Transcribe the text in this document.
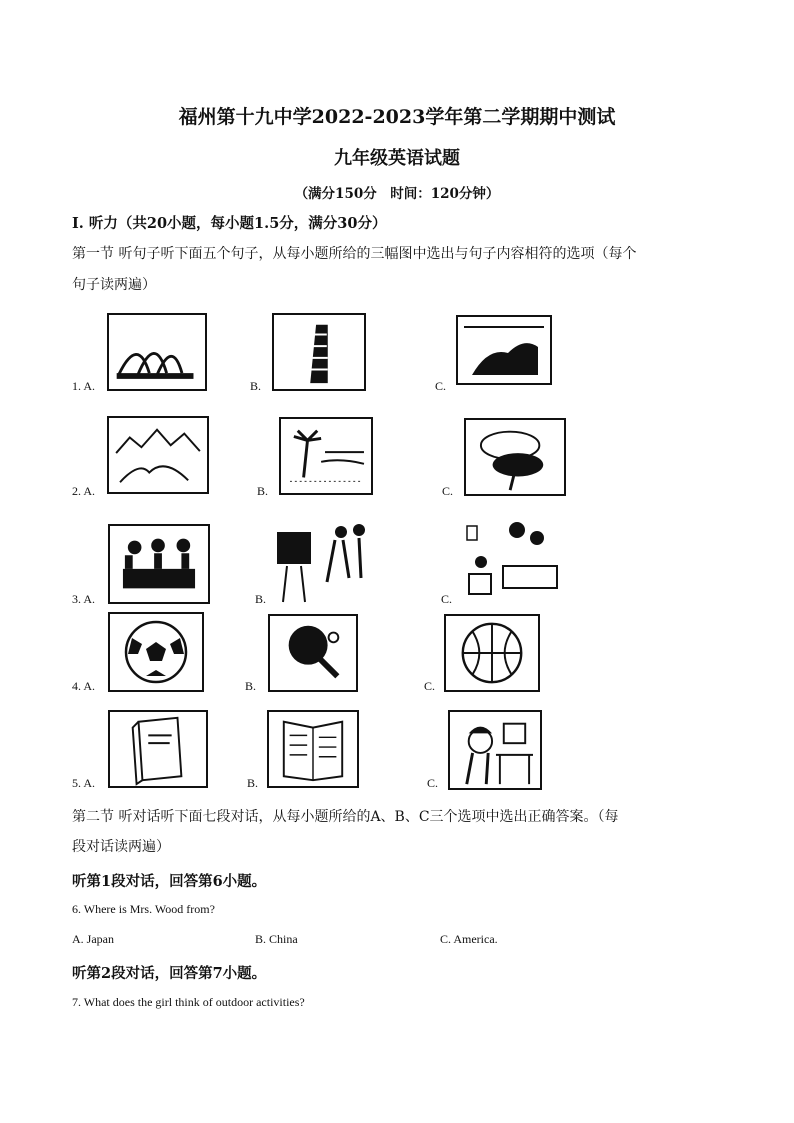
福州第十九中学2022-2023学年第二学期期中测试
九年级英语试题
（满分150分　时间：120分钟）
I. 听力（共20小题，每小题1.5分，满分30分）
第一节 听句子听下面五个句子，从每小题所给的三幅图中选出与句子内容相符的选项（每个
句子读两遍）
1. A.	B.	C.
2. A.	B.	C.
3. A.	B.	C.
4. A.	B.	C.
5. A.	B.	C.
第二节 听对话听下面七段对话，从每小题所给的A、B、C三个选项中选出正确答案。（每
段对话读两遍）
听第1段对话，回答第6小题。
6. Where is Mrs. Wood from?
A. Japan	B. China	C. America.
听第2段对话，回答第7小题。
7. What does the girl think of outdoor activities?
